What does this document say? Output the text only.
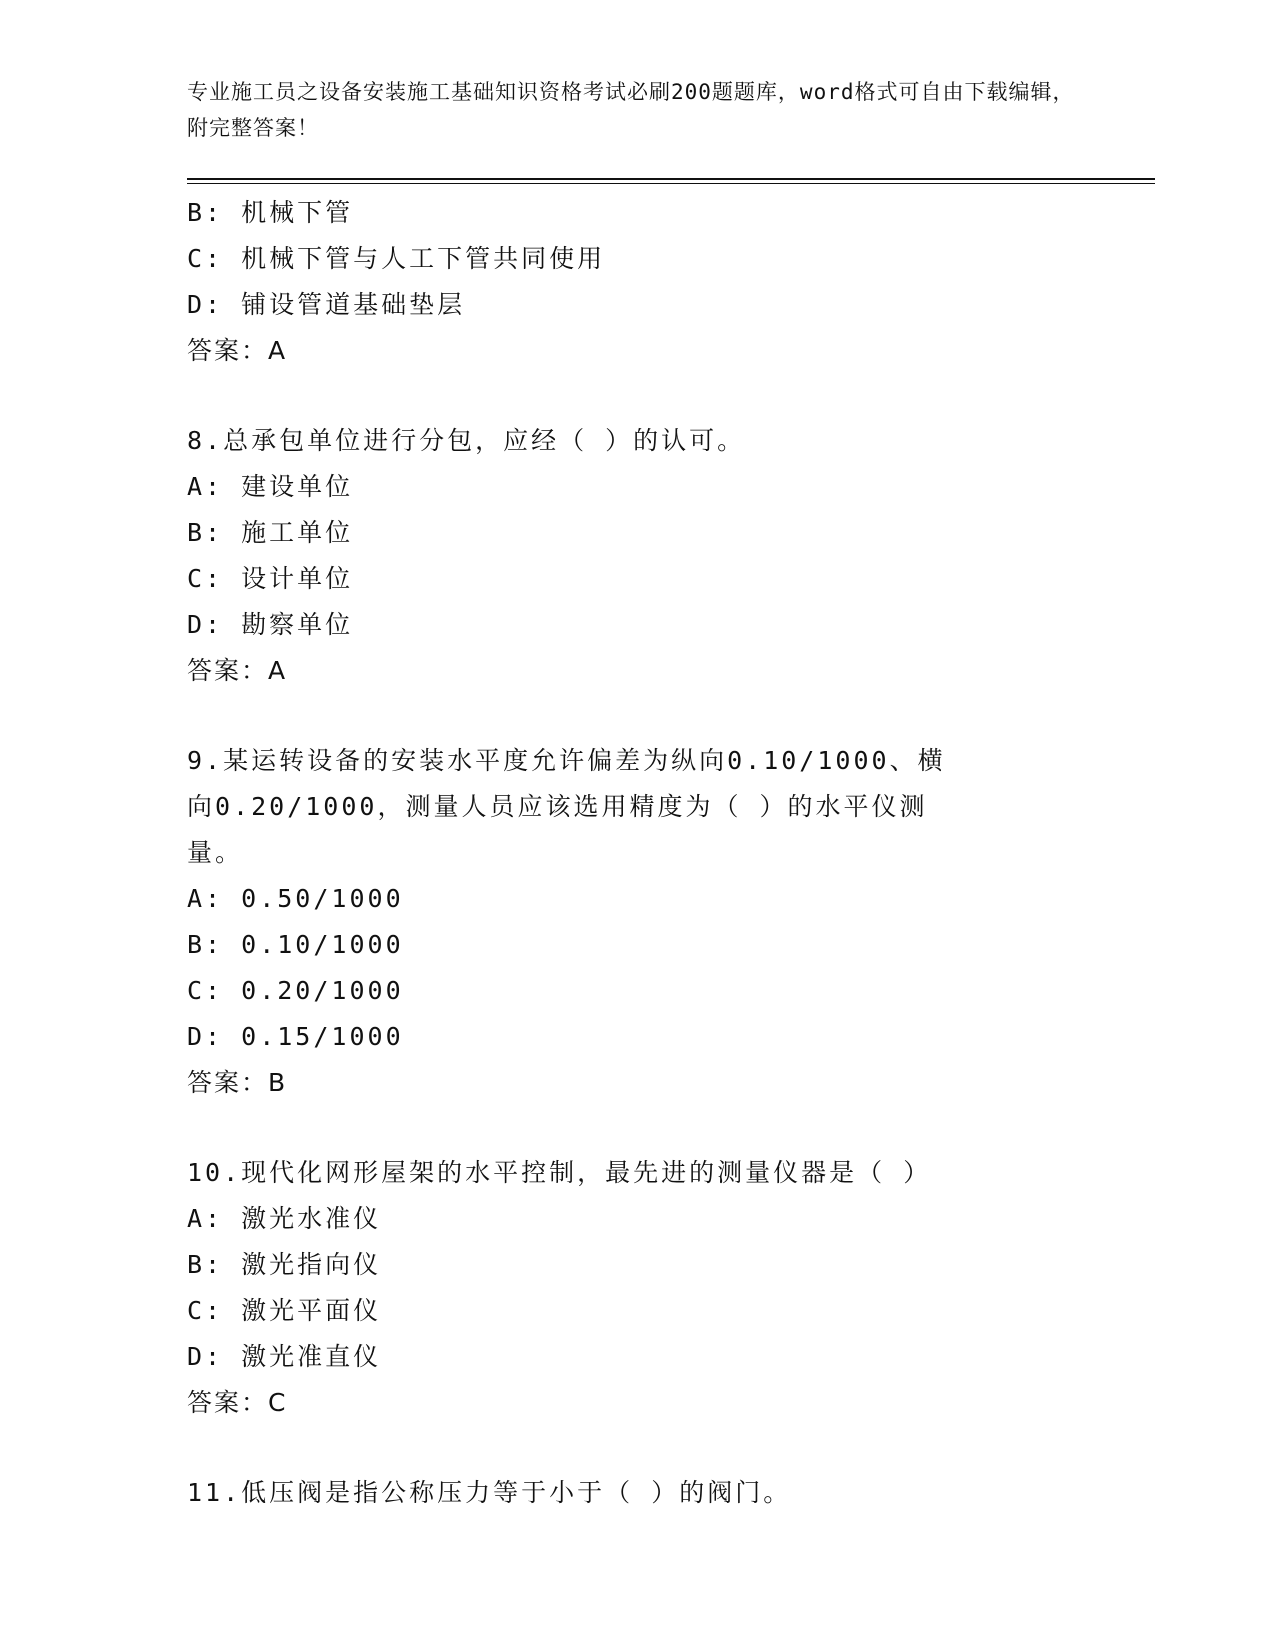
专业施工员之设备安装施工基础知识资格考试必刷200题题库，word格式可自由下载编辑，附完整答案！
B: 机械下管
C: 机械下管与人工下管共同使用
D: 铺设管道基础垫层
答案：A
8.总承包单位进行分包，应经（ ）的认可。
A: 建设单位
B: 施工单位
C: 设计单位
D: 勘察单位
答案：A
9.某运转设备的安装水平度允许偏差为纵向0.10/1000、横向0.20/1000，测量人员应该选用精度为（ ）的水平仪测量。
A: 0.50/1000
B: 0.10/1000
C: 0.20/1000
D: 0.15/1000
答案：B
10.现代化网形屋架的水平控制，最先进的测量仪器是（ ）
A: 激光水准仪
B: 激光指向仪
C: 激光平面仪
D: 激光准直仪
答案：C
11.低压阀是指公称压力等于小于（ ）的阀门。
